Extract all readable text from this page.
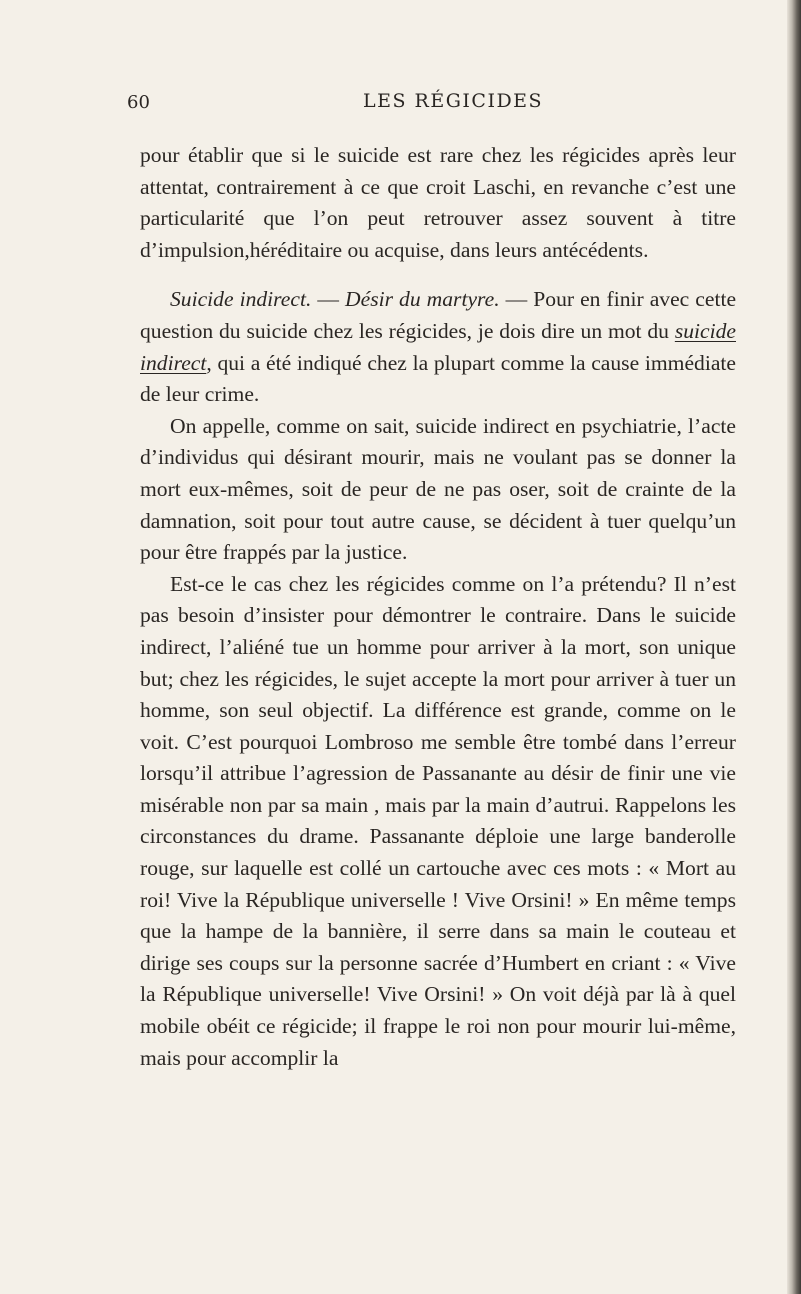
60	LES RÉGICIDES

pour établir que si le suicide est rare chez les régicides après leur attentat, contrairement à ce que croit Laschi, en revanche c’est une particularité que l’on peut retrouver assez souvent à titre d’impulsion,héréditaire ou acquise, dans leurs antécédents.

Suicide indirect. — Désir du martyre. — Pour en finir avec cette question du suicide chez les régicides, je dois dire un mot du suicide indirect, qui a été indiqué chez la plupart comme la cause immédiate de leur crime.

On appelle, comme on sait, suicide indirect en psychiatrie, l’acte d’individus qui désirant mourir, mais ne voulant pas se donner la mort eux-mêmes, soit de peur de ne pas oser, soit de crainte de la damnation, soit pour tout autre cause, se décident à tuer quelqu’un pour être frappés par la justice.

Est-ce le cas chez les régicides comme on l’a prétendu? Il n’est pas besoin d’insister pour démontrer le contraire. Dans le suicide indirect, l’aliéné tue un homme pour arriver à la mort, son unique but; chez les régicides, le sujet accepte la mort pour arriver à tuer un homme, son seul objectif. La différence est grande, comme on le voit. C’est pourquoi Lombroso me semble être tombé dans l’erreur lorsqu’il attribue l’agression de Passanante au désir de finir une vie misérable non par sa main , mais par la main d’autrui. Rappelons les circonstances du drame. Passanante déploie une large banderolle rouge, sur laquelle est collé un cartouche avec ces mots : « Mort au roi! Vive la République universelle ! Vive Orsini! » En même temps que la hampe de la bannière, il serre dans sa main le couteau et dirige ses coups sur la personne sacrée d’Humbert en criant : « Vive la République universelle! Vive Orsini! » On voit déjà par là à quel mobile obéit ce régicide; il frappe le roi non pour mourir lui-même, mais pour accomplir la
